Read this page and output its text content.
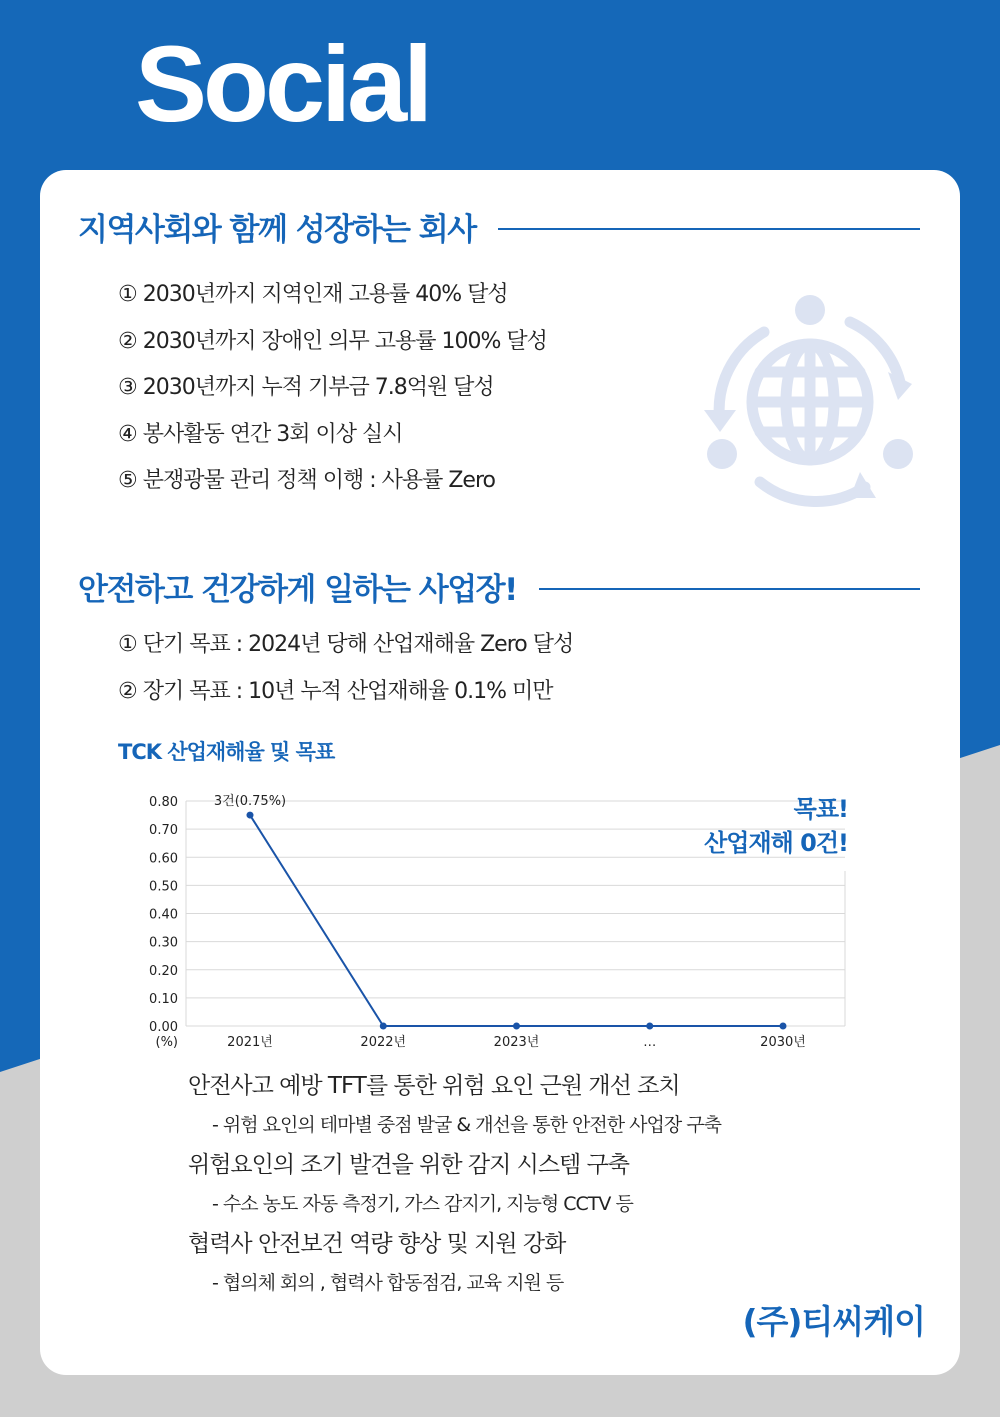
Social
지역사회와 함께 성장하는 회사
① 2030년까지 지역인재 고용률 40% 달성
② 2030년까지 장애인 의무 고용률 100% 달성
③ 2030년까지 누적 기부금 7.8억원 달성
④ 봉사활동 연간 3회 이상 실시
⑤ 분쟁광물 관리 정책 이행 : 사용률 Zero
안전하고 건강하게 일하는 사업장!
① 단기 목표 : 2024년 당해 산업재해율 Zero 달성
② 장기 목표 : 10년 누적 산업재해율 0.1% 미만
TCK 산업재해율 및 목표
0.80
0.70
0.60
0.50
0.40
0.30
0.20
0.10
0.00
(%)	2021년	2022년	2023년	…	2030년
3건(0.75%)	목표!
산업재해 0건!
안전사고 예방 TFT를 통한 위험 요인 근원 개선 조치
- 위험 요인의 테마별 중점 발굴 & 개선을 통한 안전한 사업장 구축
위험요인의 조기 발견을 위한 감지 시스템 구축
- 수소 농도 자동 측정기, 가스 감지기, 지능형 CCTV 등
협력사 안전보건 역량 향상 및 지원 강화
- 협의체 회의 , 협력사 합동점검, 교육 지원 등
(주)티씨케이
